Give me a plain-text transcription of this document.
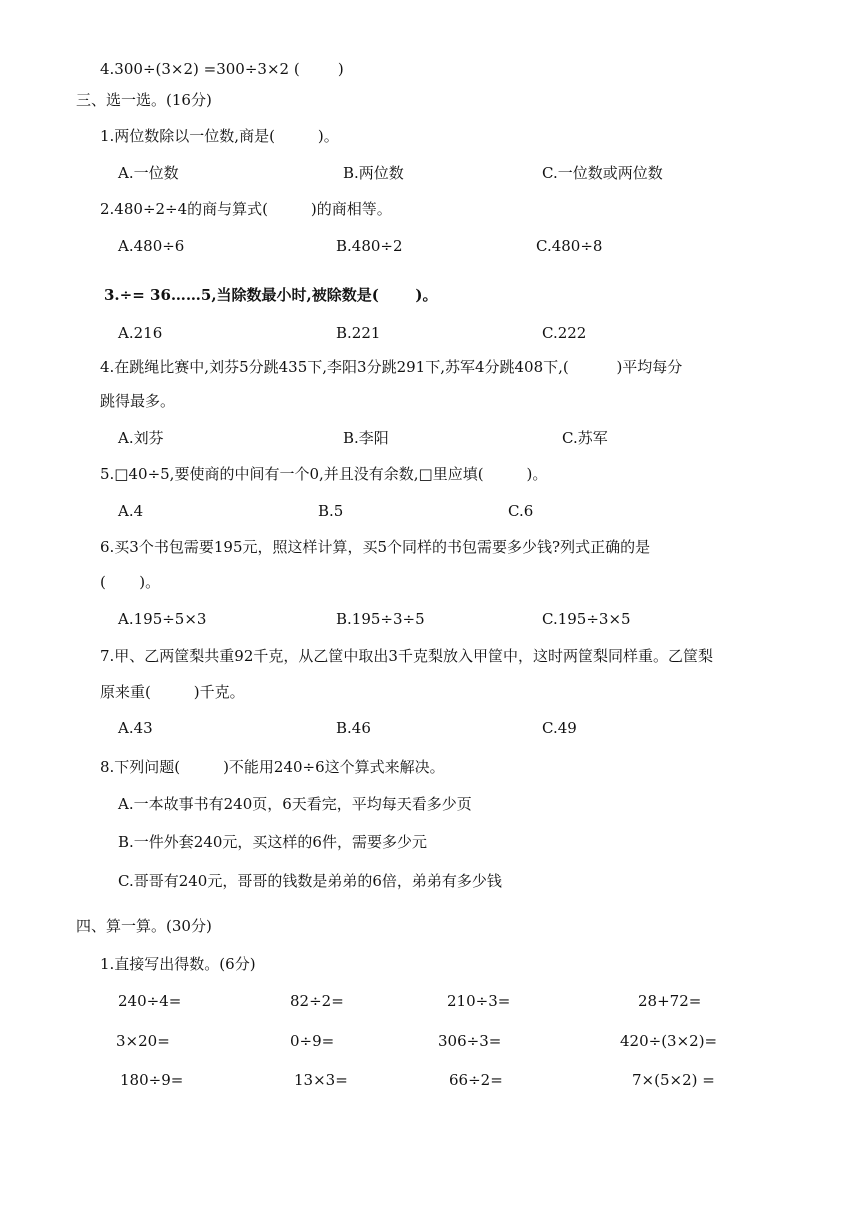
4.300÷(3×2) =300÷3×2 (        )
三、选一选。(16分)
1.两位数除以一位数,商是(         )。
A.一位数	B.两位数	C.一位数或两位数
2.480÷2÷4的商与算式(         )的商相等。
A.480÷6	B.480÷2	C.480÷8
3.÷= 36……5,当除数最小时,被除数是(       )。
A.216	B.221	C.222
4.在跳绳比赛中,刘芬5分跳435下,李阳3分跳291下,苏军4分跳408下,(          )平均每分
跳得最多。
A.刘芬	B.李阳	C.苏军
5.□40÷5,要使商的中间有一个0,并且没有余数,□里应填(         )。
A.4	B.5	C.6
6.买3个书包需要195元，照这样计算，买5个同样的书包需要多少钱?列式正确的是
(       )。
A.195÷5×3	B.195÷3÷5	C.195÷3×5
7.甲、乙两筐梨共重92千克，从乙筐中取出3千克梨放入甲筐中，这时两筐梨同样重。乙筐梨
原来重(         )千克。
A.43	B.46	C.49
8.下列问题(         )不能用240÷6这个算式来解决。
A.一本故事书有240页，6天看完，平均每天看多少页
B.一件外套240元，买这样的6件，需要多少元
C.哥哥有240元，哥哥的钱数是弟弟的6倍，弟弟有多少钱
四、算一算。(30分)
1.直接写出得数。(6分)
240÷4=	82÷2=	210÷3=	28+72=
3×20=	0÷9=	306÷3=	420÷(3×2)=
180÷9=	13×3=	66÷2=	7×(5×2) =
